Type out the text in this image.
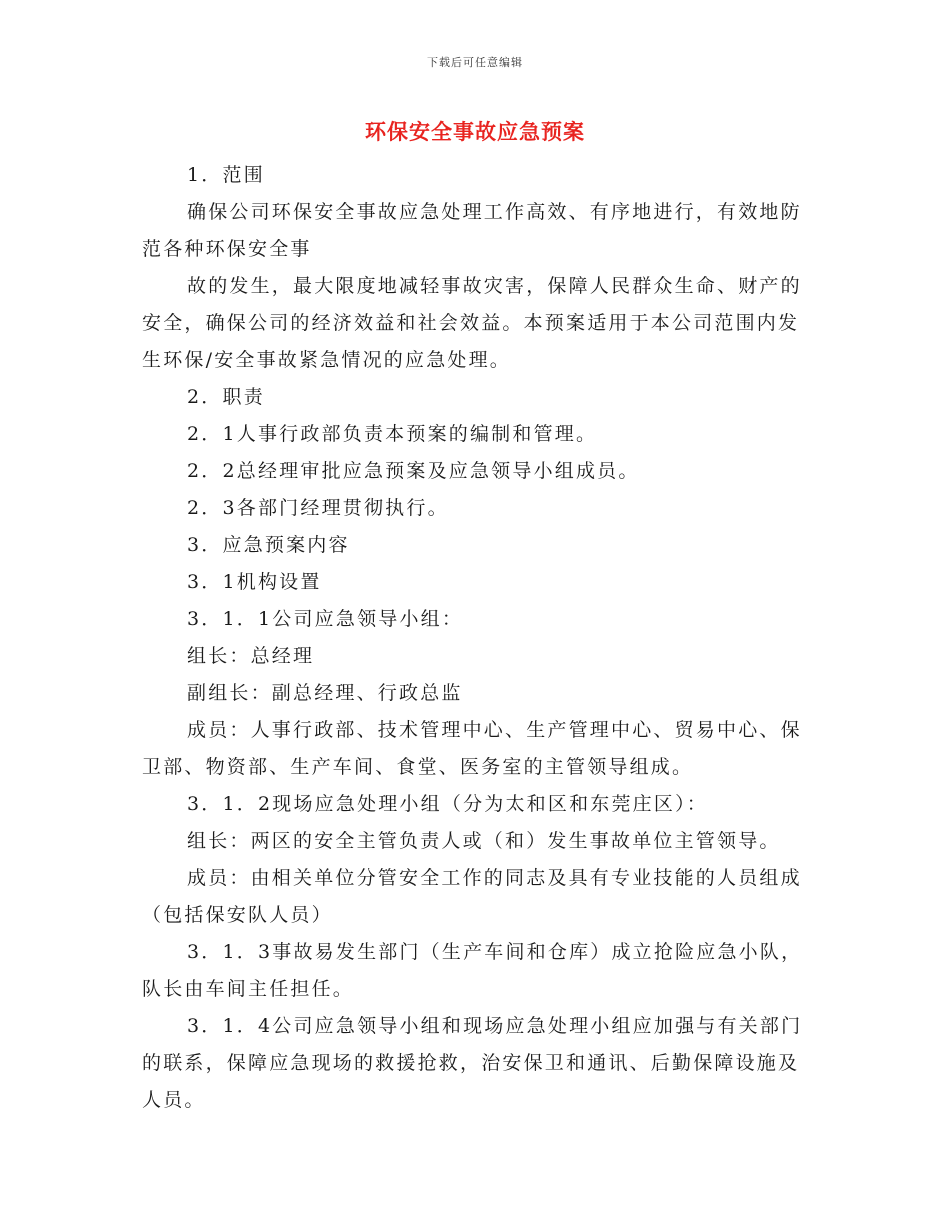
下载后可任意编辑
环保安全事故应急预案

1．范围

确保公司环保安全事故应急处理工作高效、有序地进行，有效地防范各种环保安全事

故的发生，最大限度地减轻事故灾害，保障人民群众生命、财产的安全，确保公司的经济效益和社会效益。本预案适用于本公司范围内发生环保/安全事故紧急情况的应急处理。

2．职责

2．1人事行政部负责本预案的编制和管理。

2．2总经理审批应急预案及应急领导小组成员。

2．3各部门经理贯彻执行。

3．应急预案内容

3．1机构设置

3．1．1公司应急领导小组：

组长：总经理

副组长：副总经理、行政总监

成员：人事行政部、技术管理中心、生产管理中心、贸易中心、保卫部、物资部、生产车间、食堂、医务室的主管领导组成。

3．1．2现场应急处理小组（分为太和区和东莞庄区）：

组长：两区的安全主管负责人或（和）发生事故单位主管领导。

成员：由相关单位分管安全工作的同志及具有专业技能的人员组成（包括保安队人员）

3．1．3事故易发生部门（生产车间和仓库）成立抢险应急小队，队长由车间主任担任。

3．1．4公司应急领导小组和现场应急处理小组应加强与有关部门的联系，保障应急现场的救援抢救，治安保卫和通讯、后勤保障设施及人员。
